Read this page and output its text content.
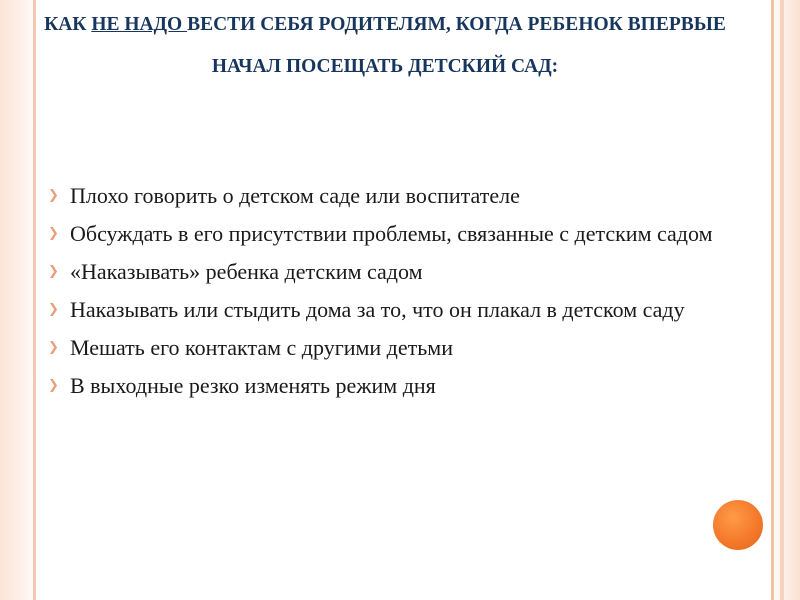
КАК НЕ НАДО ВЕСТИ СЕБЯ РОДИТЕЛЯМ, КОГДА РЕБЕНОК ВПЕРВЫЕ НАЧАЛ ПОСЕЩАТЬ ДЕТСКИЙ САД:
❯ Плохо говорить о детском саде или воспитателе
❯ Обсуждать в его присутствии проблемы, связанные с детским садом
❯ «Наказывать» ребенка детским садом
❯ Наказывать или стыдить дома за то, что он плакал в детском саду
❯ Мешать его контактам с другими детьми
❯ В выходные резко изменять режим дня
